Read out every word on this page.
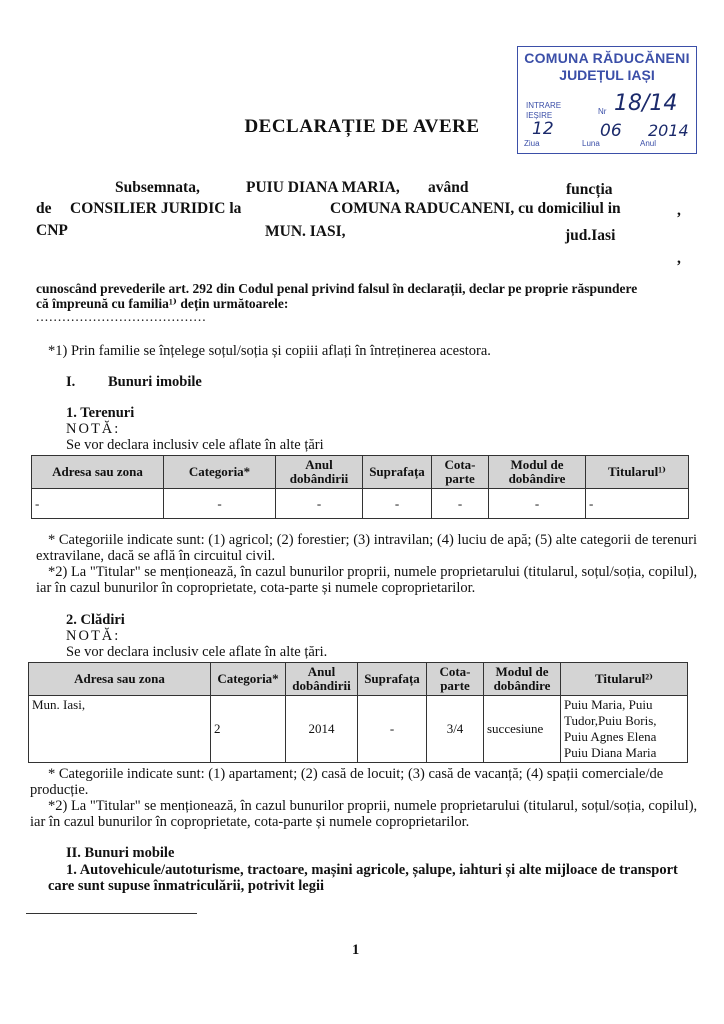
COMUNA RĂDUCĂNENI
JUDEȚUL IAȘI
INTRARE
IEȘIRE	Nr
Ziua	Luna	Anul
18/14
12	06 2014
DECLARAȚIE DE AVERE
Subsemnata,	PUIU DIANA MARIA, având	funcția
de CONSILIER JURIDIC la	COMUNA RADUCANENI, cu domiciliul in	,
CNP	MUN. IASI,	jud.Iasi
,
cunoscând prevederile art. 292 din Codul penal privind falsul în declarații, declar pe proprie răspundere
că împreună cu familia¹⁾ dețin următoarele:
.......................................
*1) Prin familie se înțelege soțul/soția și copiii aflați în întreținerea acestora.
I. Bunuri imobile
1. Terenuri
NOTĂ:
Se vor declara inclusiv cele aflate în alte țări
Adresa sau zona	Categoria*	Anul dobândirii	Suprafața	Cota-parte	Modul de dobândire	Titularul¹⁾
-	-	-	-	-	-	-
* Categoriile indicate sunt: (1) agricol; (2) forestier; (3) intravilan; (4) luciu de apă; (5) alte categorii de terenuri
extravilane, dacă se află în circuitul civil.
*2) La "Titular" se menționează, în cazul bunurilor proprii, numele proprietarului (titularul, soțul/soția, copilul),
iar în cazul bunurilor în coproprietate, cota-parte și numele coproprietarilor.
2. Clădiri
NOTĂ:
Se vor declara inclusiv cele aflate în alte țări.
Adresa sau zona	Categoria*	Anul dobândirii	Suprafața	Cota-parte	Modul de dobândire	Titularul²⁾
Mun. Iasi,	2	2014	-	3/4	succesiune	Puiu Maria, Puiu
Tudor,Puiu Boris,
Puiu Agnes Elena
Puiu Diana Maria
* Categoriile indicate sunt: (1) apartament; (2) casă de locuit; (3) casă de vacanță; (4) spații comerciale/de
producție.
*2) La "Titular" se menționează, în cazul bunurilor proprii, numele proprietarului (titularul, soțul/soția, copilul),
iar în cazul bunurilor în coproprietate, cota-parte și numele coproprietarilor.
II. Bunuri mobile
1. Autovehicule/autoturisme, tractoare, mașini agricole, șalupe, iahturi și alte mijloace de transport
care sunt supuse înmatriculării, potrivit legii
1
